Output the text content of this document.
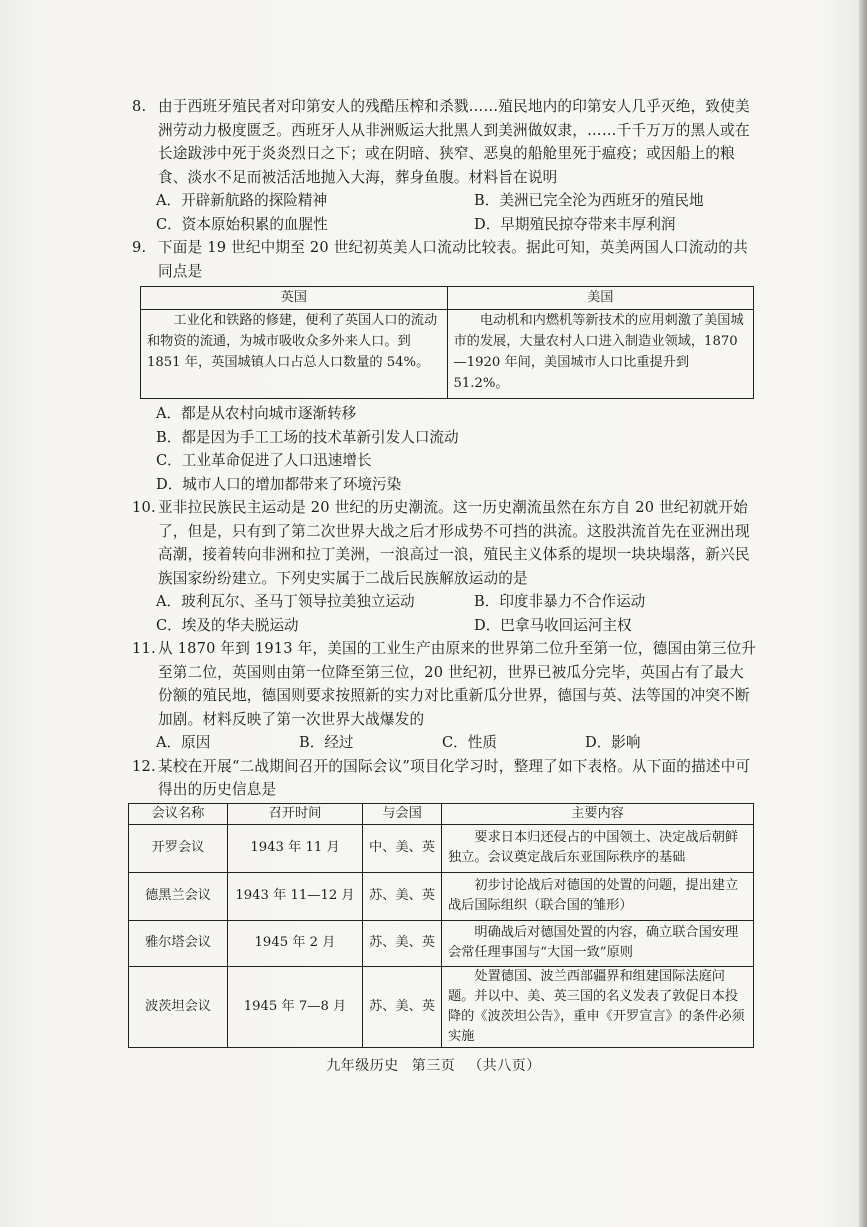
8. 由于西班牙殖民者对印第安人的残酷压榨和杀戮……殖民地内的印第安人几乎灭绝，致使美洲劳动力极度匮乏。西班牙人从非洲贩运大批黑人到美洲做奴隶，……千千万万的黑人或在长途跋涉中死于炎炎烈日之下；或在阴暗、狭窄、恶臭的船舱里死于瘟疫；或因船上的粮食、淡水不足而被活活地抛入大海，葬身鱼腹。材料旨在说明

A．开辟新航路的探险精神	B．美洲已完全沦为西班牙的殖民地
C．资本原始积累的血腥性	D．早期殖民掠夺带来丰厚利润

9. 下面是 19 世纪中期至 20 世纪初英美人口流动比较表。据此可知，英美两国人口流动的共同点是

英国	美国
工业化和铁路的修建，便利了英国人口的流动和物资的流通，为城市吸收众多外来人口。到 1851 年，英国城镇人口占总人口数量的 54%。	电动机和内燃机等新技术的应用刺激了美国城市的发展，大量农村人口进入制造业领域，1870—1920 年间，美国城市人口比重提升到 51.2%。
A．都是从农村向城市逐渐转移
B．都是因为手工工场的技术革新引发人口流动
C．工业革命促进了人口迅速增长
D．城市人口的增加都带来了环境污染

10. 亚非拉民族民主运动是 20 世纪的历史潮流。这一历史潮流虽然在东方自 20 世纪初就开始了，但是，只有到了第二次世界大战之后才形成势不可挡的洪流。这股洪流首先在亚洲出现高潮，接着转向非洲和拉丁美洲，一浪高过一浪，殖民主义体系的堤坝一块块塌落，新兴民族国家纷纷建立。下列史实属于二战后民族解放运动的是

A．玻利瓦尔、圣马丁领导拉美独立运动	B．印度非暴力不合作运动
C．埃及的华夫脱运动	D．巴拿马收回运河主权

11. 从 1870 年到 1913 年，美国的工业生产由原来的世界第二位升至第一位，德国由第三位升至第二位，英国则由第一位降至第三位，20 世纪初，世界已被瓜分完毕，英国占有了最大份额的殖民地，德国则要求按照新的实力对比重新瓜分世界，德国与英、法等国的冲突不断加剧。材料反映了第一次世界大战爆发的

A．原因	B．经过	C．性质	D．影响

12. 某校在开展“二战期间召开的国际会议”项目化学习时，整理了如下表格。从下面的描述中可得出的历史信息是

会议名称	召开时间	与会国	主要内容
开罗会议	1943 年 11 月	中、美、英	要求日本归还侵占的中国领土、决定战后朝鲜独立。会议奠定战后东亚国际秩序的基础
德黑兰会议	1943 年 11—12 月	苏、美、英	初步讨论战后对德国的处置的问题，提出建立战后国际组织（联合国的雏形）
雅尔塔会议	1945 年 2 月	苏、美、英	明确战后对德国处置的内容，确立联合国安理会常任理事国与“大国一致”原则
波茨坦会议	1945 年 7—8 月	苏、美、英	处置德国、波兰西部疆界和组建国际法庭问题。并以中、美、英三国的名义发表了敦促日本投降的《波茨坦公告》，重申《开罗宣言》的条件必须实施
九年级历史 第三页 （共八页）
